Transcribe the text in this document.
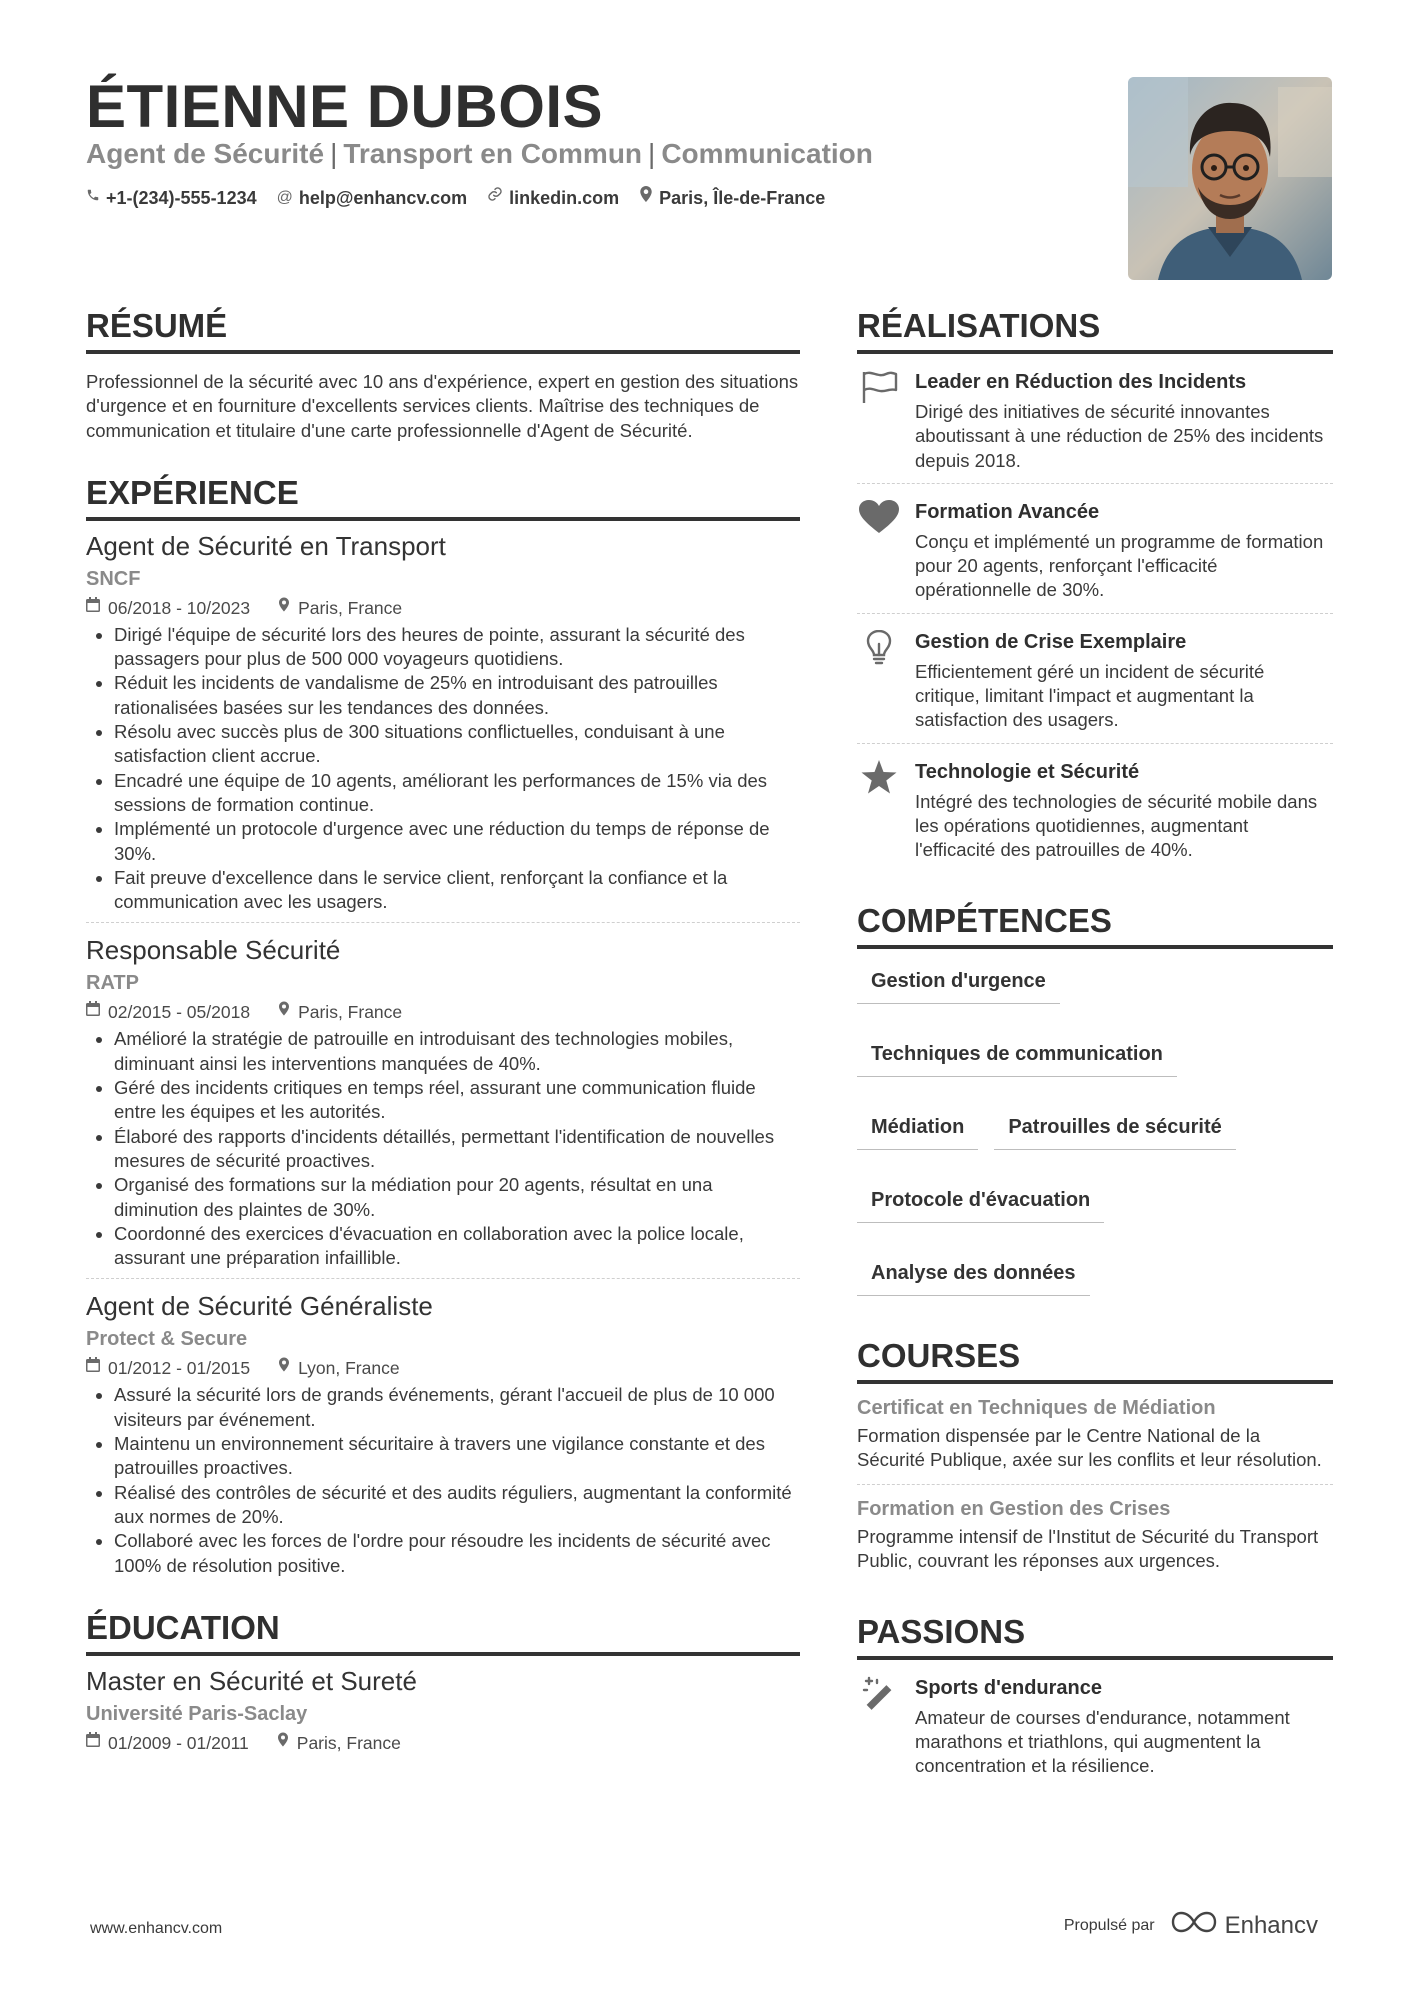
ÉTIENNE DUBOIS
Agent de Sécurité | Transport en Commun | Communication
+1-(234)-555-1234 @ help@enhancv.com linkedin.com Paris, Île-de-France
RÉSUMÉ

Professionnel de la sécurité avec 10 ans d'expérience, expert en gestion des situations d'urgence et en fourniture d'excellents services clients. Maîtrise des techniques de communication et titulaire d'une carte professionnelle d'Agent de Sécurité.

EXPÉRIENCE
Agent de Sécurité en Transport
SNCF
06/2018 - 10/2023	Paris, France
• Dirigé l'équipe de sécurité lors des heures de pointe, assurant la sécurité des passagers pour plus de 500 000 voyageurs quotidiens.
• Réduit les incidents de vandalisme de 25% en introduisant des patrouilles rationalisées basées sur les tendances des données.
• Résolu avec succès plus de 300 situations conflictuelles, conduisant à une satisfaction client accrue.
• Encadré une équipe de 10 agents, améliorant les performances de 15% via des sessions de formation continue.
• Implémenté un protocole d'urgence avec une réduction du temps de réponse de 30%.
• Fait preuve d'excellence dans le service client, renforçant la confiance et la communication avec les usagers.
Responsable Sécurité
RATP
02/2015 - 05/2018	Paris, France
• Amélioré la stratégie de patrouille en introduisant des technologies mobiles, diminuant ainsi les interventions manquées de 40%.
• Géré des incidents critiques en temps réel, assurant une communication fluide entre les équipes et les autorités.
• Élaboré des rapports d'incidents détaillés, permettant l'identification de nouvelles mesures de sécurité proactives.
• Organisé des formations sur la médiation pour 20 agents, résultat en una diminution des plaintes de 30%.
• Coordonné des exercices d'évacuation en collaboration avec la police locale, assurant une préparation infaillible.
Agent de Sécurité Généraliste
Protect & Secure
01/2012 - 01/2015	Lyon, France
• Assuré la sécurité lors de grands événements, gérant l'accueil de plus de 10 000 visiteurs par événement.
• Maintenu un environnement sécuritaire à travers une vigilance constante et des patrouilles proactives.
• Réalisé des contrôles de sécurité et des audits réguliers, augmentant la conformité aux normes de 20%.
• Collaboré avec les forces de l'ordre pour résoudre les incidents de sécurité avec 100% de résolution positive.
ÉDUCATION
Master en Sécurité et Sureté
Université Paris-Saclay
01/2009 - 01/2011	Paris, France
RÉALISATIONS
Leader en Réduction des Incidents
Dirigé des initiatives de sécurité innovantes aboutissant à une réduction de 25% des incidents depuis 2018.
Formation Avancée
Conçu et implémenté un programme de formation pour 20 agents, renforçant l'efficacité opérationnelle de 30%.
Gestion de Crise Exemplaire
Efficientement géré un incident de sécurité critique, limitant l'impact et augmentant la satisfaction des usagers.
Technologie et Sécurité
Intégré des technologies de sécurité mobile dans les opérations quotidiennes, augmentant l'efficacité des patrouilles de 40%.
COMPÉTENCES
Gestion d'urgence
Techniques de communication
Médiation	Patrouilles de sécurité
Protocole d'évacuation
Analyse des données
COURSES
Certificat en Techniques de Médiation
Formation dispensée par le Centre National de la Sécurité Publique, axée sur les conflits et leur résolution.
Formation en Gestion des Crises
Programme intensif de l'Institut de Sécurité du Transport Public, couvrant les réponses aux urgences.
PASSIONS
Sports d'endurance
Amateur de courses d'endurance, notamment marathons et triathlons, qui augmentent la concentration et la résilience.
www.enhancv.com	Propulsé par	Enhancv
